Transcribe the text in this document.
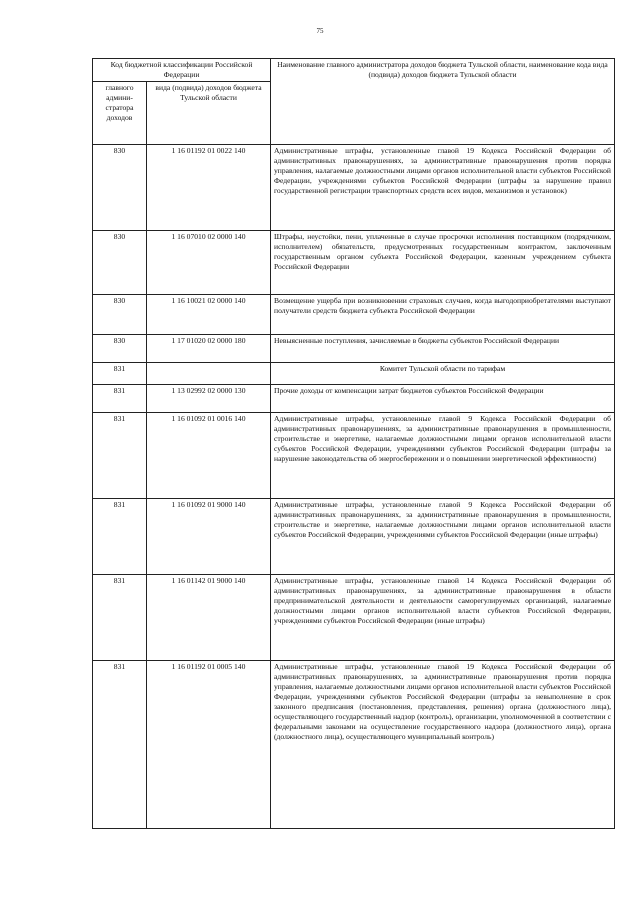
75
Код бюджетной классификации Российской Федерации		Наименование главного администратора доходов бюджета Тульской области, наименование кода вида (подвида) доходов бюджета Тульской области
главного админи-стратора доходов	вида (подвида) доходов бюджета Тульской области	
830	1 16 01192 01 0022 140	Административные штрафы, установленные главой 19 Кодекса Российской Федерации об административных правонарушениях, за административные правонарушения против порядка управления, налагаемые должностными лицами органов исполнительной власти субъектов Российской Федерации, учреждениями субъектов Российской Федерации (штрафы за нарушение правил государственной регистрации транспортных средств всех видов, механизмов и установок)
830	1 16 07010 02 0000 140	Штрафы, неустойки, пени, уплаченные в случае просрочки исполнения поставщиком (подрядчиком, исполнителем) обязательств, предусмотренных государственным контрактом, заключенным государственным органом субъекта Российской Федерации, казенным учреждением субъекта Российской Федерации
830	1 16 10021 02 0000 140	Возмещение ущерба при возникновении страховых случаев, когда выгодоприобретателями выступают получатели средств бюджета субъекта Российской Федерации
830	1 17 01020 02 0000 180	Невыясненные поступления, зачисляемые в бюджеты субъектов Российской Федерации
831		Комитет Тульской области по тарифам
831	1 13 02992 02 0000 130	Прочие доходы от компенсации затрат бюджетов субъектов Российской Федерации
831	1 16 01092 01 0016 140	Административные штрафы, установленные главой 9 Кодекса Российской Федерации об административных правонарушениях, за административные правонарушения в промышленности, строительстве и энергетике, налагаемые должностными лицами органов исполнительной власти субъектов Российской Федерации, учреждениями субъектов Российской Федерации (штрафы за нарушение законодательства об энергосбережении и о повышении энергетической эффективности)
831	1 16 01092 01 9000 140	Административные штрафы, установленные главой 9 Кодекса Российской Федерации об административных правонарушениях, за административные правонарушения в промышленности, строительстве и энергетике, налагаемые должностными лицами органов исполнительной власти субъектов Российской Федерации, учреждениями субъектов Российской Федерации (иные штрафы)
831	1 16 01142 01 9000 140	Административные штрафы, установленные главой 14 Кодекса Российской Федерации об административных правонарушениях, за административные правонарушения в области предпринимательской деятельности и деятельности саморегулируемых организаций, налагаемые должностными лицами органов исполнительной власти субъектов Российской Федерации, учреждениями субъектов Российской Федерации (иные штрафы)
831	1 16 01192 01 0005 140	Административные штрафы, установленные главой 19 Кодекса Российской Федерации об административных правонарушениях, за административные правонарушения против порядка управления, налагаемые должностными лицами органов исполнительной власти субъектов Российской Федерации, учреждениями субъектов Российской Федерации (штрафы за невыполнение в срок законного предписания (постановления, представления, решения) органа (должностного лица), осуществляющего государственный надзор (контроль), организации, уполномоченной в соответствии с федеральными законами на осуществление государственного надзора (должностного лица), органа (должностного лица), осуществляющего муниципальный контроль)
